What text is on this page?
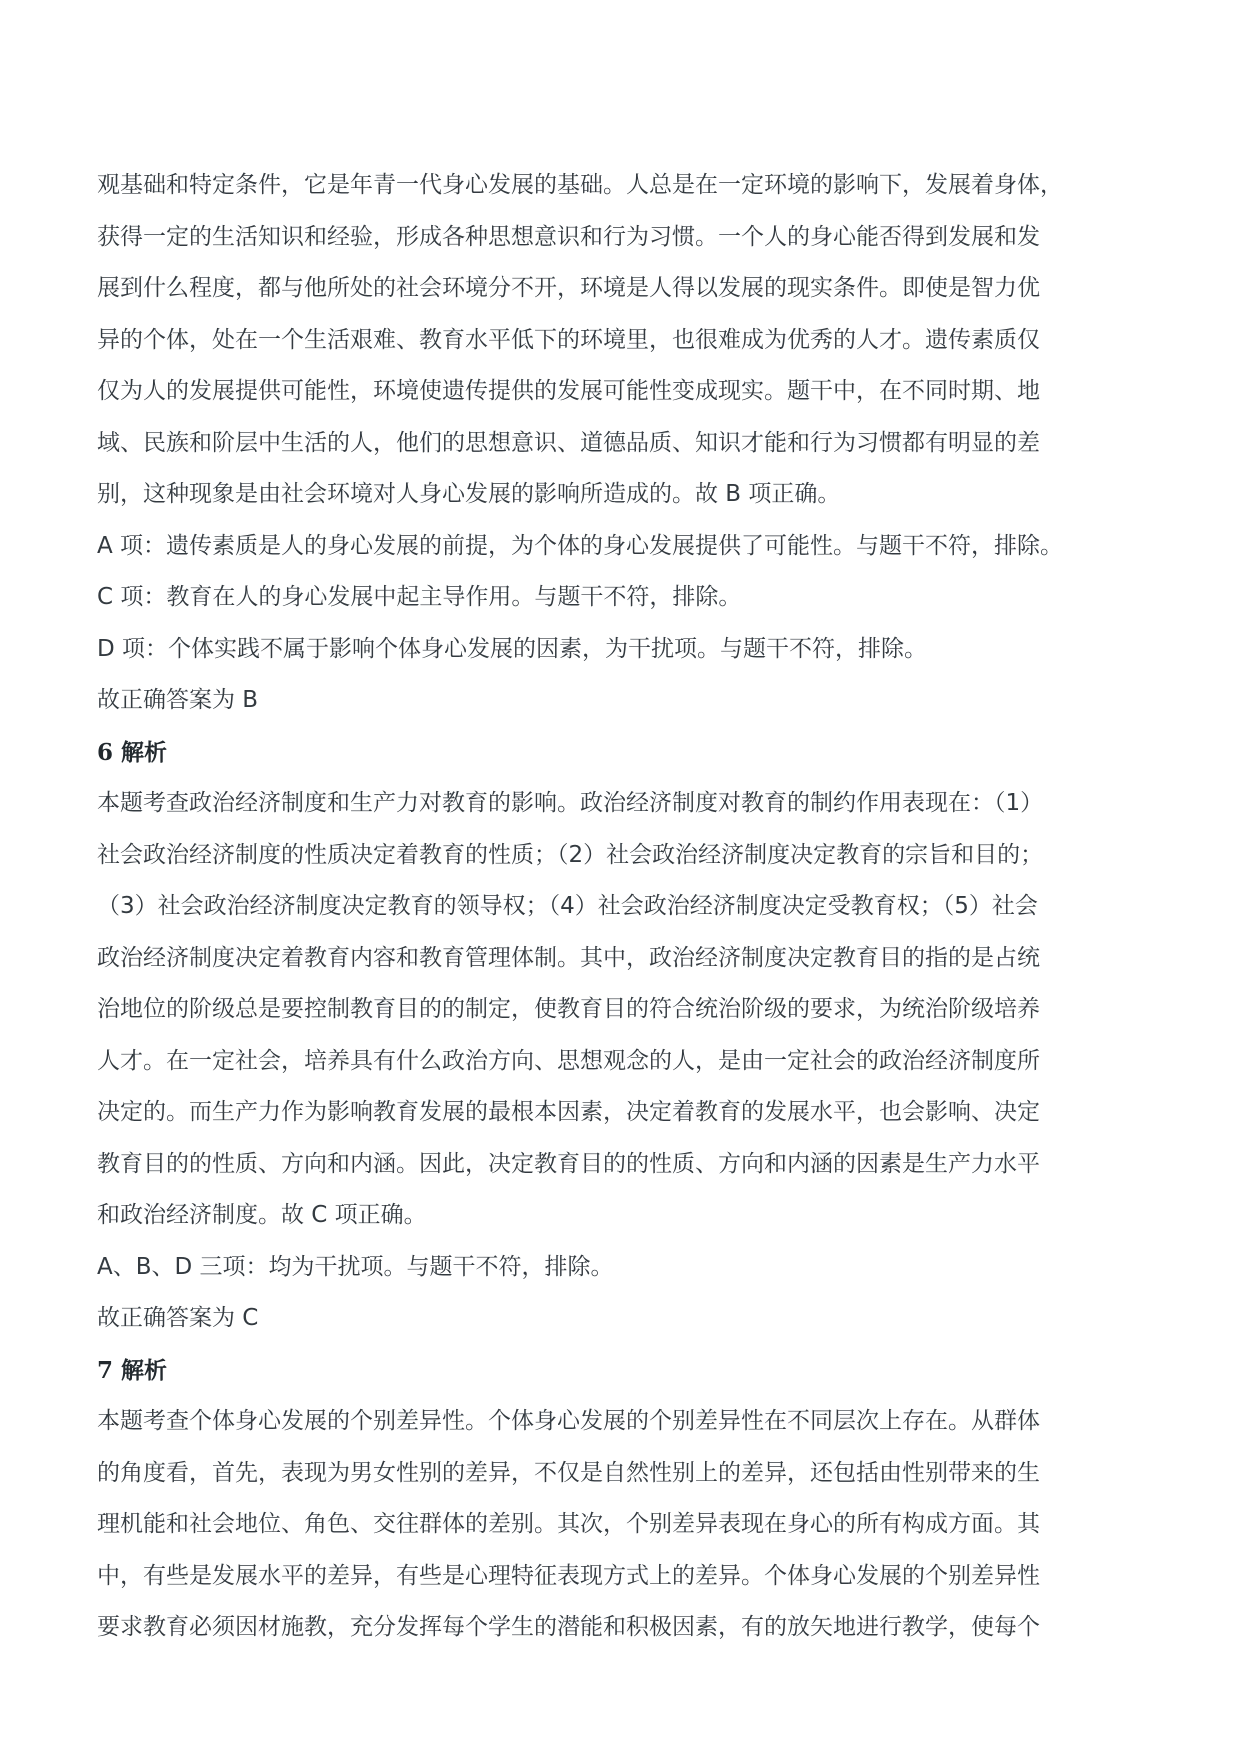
观基础和特定条件，它是年青一代身心发展的基础。人总是在一定环境的影响下，发展着身体，
获得一定的生活知识和经验，形成各种思想意识和行为习惯。一个人的身心能否得到发展和发
展到什么程度，都与他所处的社会环境分不开，环境是人得以发展的现实条件。即使是智力优
异的个体，处在一个生活艰难、教育水平低下的环境里，也很难成为优秀的人才。遗传素质仅
仅为人的发展提供可能性，环境使遗传提供的发展可能性变成现实。题干中，在不同时期、地
域、民族和阶层中生活的人，他们的思想意识、道德品质、知识才能和行为习惯都有明显的差
别，这种现象是由社会环境对人身心发展的影响所造成的。故 B 项正确。
A 项：遗传素质是人的身心发展的前提，为个体的身心发展提供了可能性。与题干不符，排除。
C 项：教育在人的身心发展中起主导作用。与题干不符，排除。
D 项：个体实践不属于影响个体身心发展的因素，为干扰项。与题干不符，排除。
故正确答案为 B
6 解析
本题考查政治经济制度和生产力对教育的影响。政治经济制度对教育的制约作用表现在：（1）
社会政治经济制度的性质决定着教育的性质；（2）社会政治经济制度决定教育的宗旨和目的；
（3）社会政治经济制度决定教育的领导权；（4）社会政治经济制度决定受教育权；（5）社会
政治经济制度决定着教育内容和教育管理体制。其中，政治经济制度决定教育目的指的是占统
治地位的阶级总是要控制教育目的的制定，使教育目的符合统治阶级的要求，为统治阶级培养
人才。在一定社会，培养具有什么政治方向、思想观念的人，是由一定社会的政治经济制度所
决定的。而生产力作为影响教育发展的最根本因素，决定着教育的发展水平，也会影响、决定
教育目的的性质、方向和内涵。因此，决定教育目的的性质、方向和内涵的因素是生产力水平
和政治经济制度。故 C 项正确。
A、B、D 三项：均为干扰项。与题干不符，排除。
故正确答案为 C
7 解析
本题考查个体身心发展的个别差异性。个体身心发展的个别差异性在不同层次上存在。从群体
的角度看，首先，表现为男女性别的差异，不仅是自然性别上的差异，还包括由性别带来的生
理机能和社会地位、角色、交往群体的差别。其次，个别差异表现在身心的所有构成方面。其
中，有些是发展水平的差异，有些是心理特征表现方式上的差异。个体身心发展的个别差异性
要求教育必须因材施教，充分发挥每个学生的潜能和积极因素，有的放矢地进行教学，使每个
